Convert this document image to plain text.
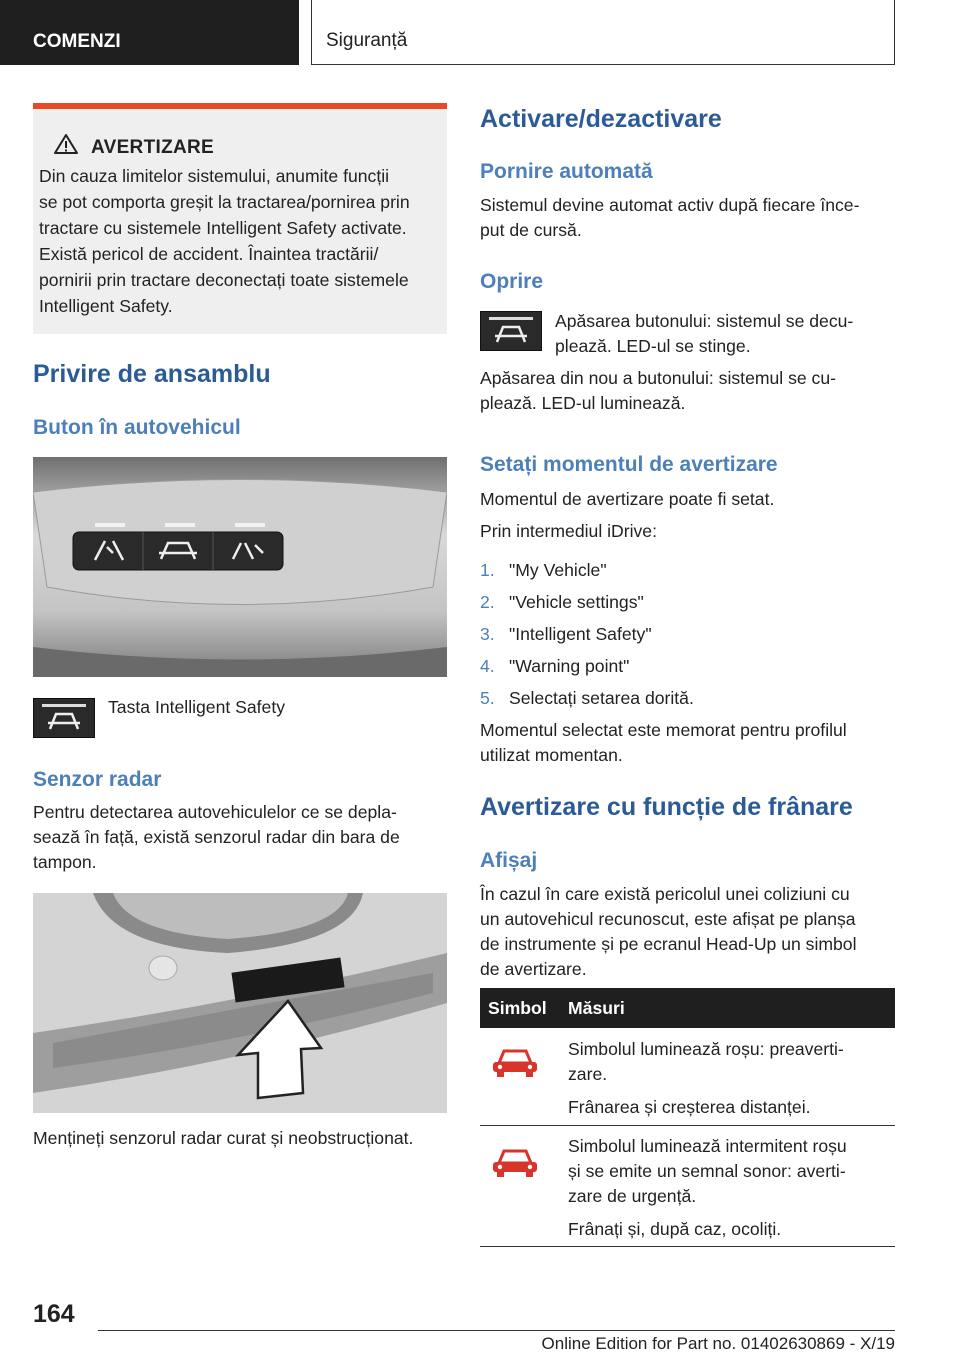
COMENZI	Siguranță
AVERTIZARE
Din cauza limitelor sistemului, anumite funcții
se pot comporta greșit la tractarea/pornirea prin
tractare cu sistemele Intelligent Safety activate.
Există pericol de accident. Înaintea tractării/
pornirii prin tractare deconectați toate sistemele
Intelligent Safety.
Privire de ansamblu
Buton în autovehicul
Tasta Intelligent Safety
Senzor radar
Pentru detectarea autovehiculelor ce se depla-
sează în față, există senzorul radar din bara de
tampon.
Mențineți senzorul radar curat și neobstrucționat.
Activare/dezactivare
Pornire automată
Sistemul devine automat activ după fiecare înce-
put de cursă.
Oprire
Apăsarea butonului: sistemul se decu-
plează. LED-ul se stinge.
Apăsarea din nou a butonului: sistemul se cu-
plează. LED-ul luminează.
Setați momentul de avertizare
Momentul de avertizare poate fi setat.
Prin intermediul iDrive:
1. "My Vehicle"
2. "Vehicle settings"
3. "Intelligent Safety"
4. "Warning point"
5. Selectați setarea dorită.
Momentul selectat este memorat pentru profilul
utilizat momentan.
Avertizare cu funcție de frânare
Afișaj
În cazul în care există pericolul unei coliziuni cu
un autovehicul recunoscut, este afișat pe planșa
de instrumente și pe ecranul Head-Up un simbol
de avertizare.
Simbol Măsuri
Simbolul luminează roșu: preaverti-
zare.
Frânarea și creșterea distanței.
Simbolul luminează intermitent roșu
și se emite un semnal sonor: averti-
zare de urgență.
Frânați și, după caz, ocoliți.
164
Online Edition for Part no. 01402630869 - X/19
